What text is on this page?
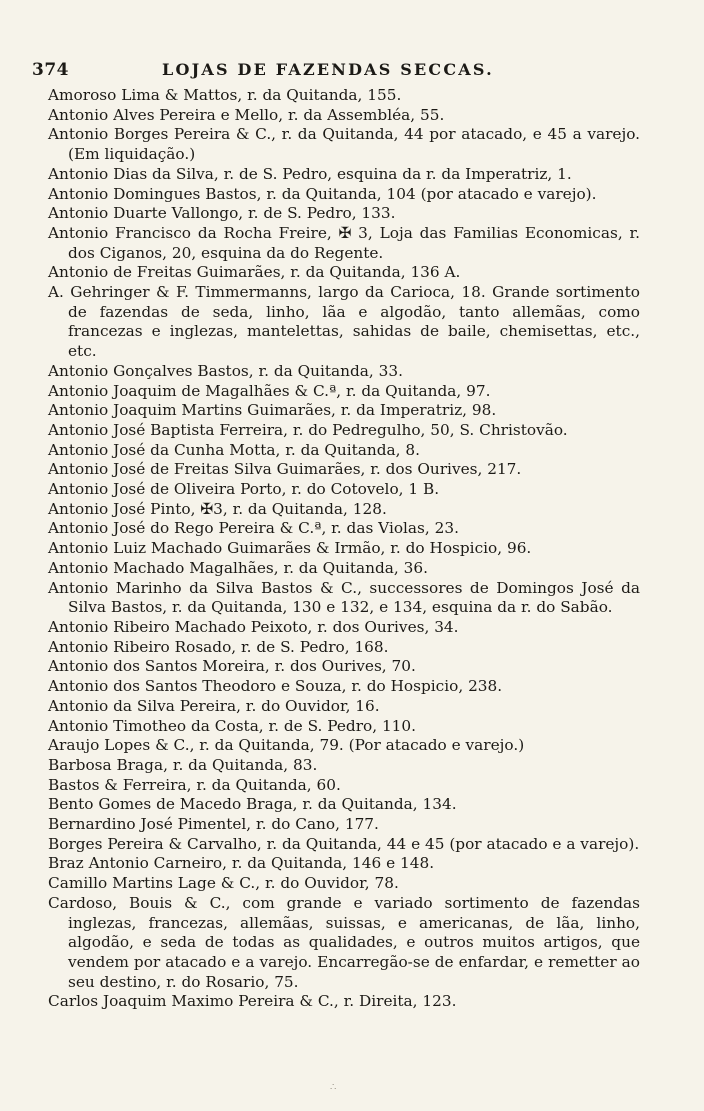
374	LOJAS DE FAZENDAS SECCAS.
Amoroso Lima & Mattos, r. da Quitanda, 155.
Antonio Alves Pereira e Mello, r. da Assembléa, 55.
Antonio Borges Pereira & C., r. da Quitanda, 44 por atacado, e 45 a varejo. (Em liquidação.)
Antonio Dias da Silva, r. de S. Pedro, esquina da r. da Imperatriz, 1.
Antonio Domingues Bastos, r. da Quitanda, 104 (por atacado e varejo).
Antonio Duarte Vallongo, r. de S. Pedro, 133.
Antonio Francisco da Rocha Freire, ✠ 3, Loja das Familias Economicas, r. dos Ciganos, 20, esquina da do Regente.
Antonio de Freitas Guimarães, r. da Quitanda, 136 A.
A. Gehringer & F. Timmermanns, largo da Carioca, 18. Grande sortimento de fazendas de seda, linho, lãa e algodão, tanto allemãas, como francezas e inglezas, mantelettas, sahidas de baile, chemisettas, etc., etc.
Antonio Gonçalves Bastos, r. da Quitanda, 33.
Antonio Joaquim de Magalhães & C.ª, r. da Quitanda, 97.
Antonio Joaquim Martins Guimarães, r. da Imperatriz, 98.
Antonio José Baptista Ferreira, r. do Pedregulho, 50, S. Christovão.
Antonio José da Cunha Motta, r. da Quitanda, 8.
Antonio José de Freitas Silva Guimarães, r. dos Ourives, 217.
Antonio José de Oliveira Porto, r. do Cotovelo, 1 B.
Antonio José Pinto, ✠3, r. da Quitanda, 128.
Antonio José do Rego Pereira & C.ª, r. das Violas, 23.
Antonio Luiz Machado Guimarães & Irmão, r. do Hospicio, 96.
Antonio Machado Magalhães, r. da Quitanda, 36.
Antonio Marinho da Silva Bastos & C., successores de Domingos José da Silva Bastos, r. da Quitanda, 130 e 132, e 134, esquina da r. do Sabão.
Antonio Ribeiro Machado Peixoto, r. dos Ourives, 34.
Antonio Ribeiro Rosado, r. de S. Pedro, 168.
Antonio dos Santos Moreira, r. dos Ourives, 70.
Antonio dos Santos Theodoro e Souza, r. do Hospicio, 238.
Antonio da Silva Pereira, r. do Ouvidor, 16.
Antonio Timotheo da Costa, r. de S. Pedro, 110.
Araujo Lopes & C., r. da Quitanda, 79. (Por atacado e varejo.)
Barbosa Braga, r. da Quitanda, 83.
Bastos & Ferreira, r. da Quitanda, 60.
Bento Gomes de Macedo Braga, r. da Quitanda, 134.
Bernardino José Pimentel, r. do Cano, 177.
Borges Pereira & Carvalho, r. da Quitanda, 44 e 45 (por atacado e a varejo).
Braz Antonio Carneiro, r. da Quitanda, 146 e 148.
Camillo Martins Lage & C., r. do Ouvidor, 78.
Cardoso, Bouis & C., com grande e variado sortimento de fazendas inglezas, francezas, allemãas, suissas, e americanas, de lãa, linho, algodão, e seda de todas as qualidades, e outros muitos artigos, que vendem por atacado e a varejo. Encarregão-se de enfardar, e remetter ao seu destino, r. do Rosario, 75.
Carlos Joaquim Maximo Pereira & C., r. Direita, 123.
∴
